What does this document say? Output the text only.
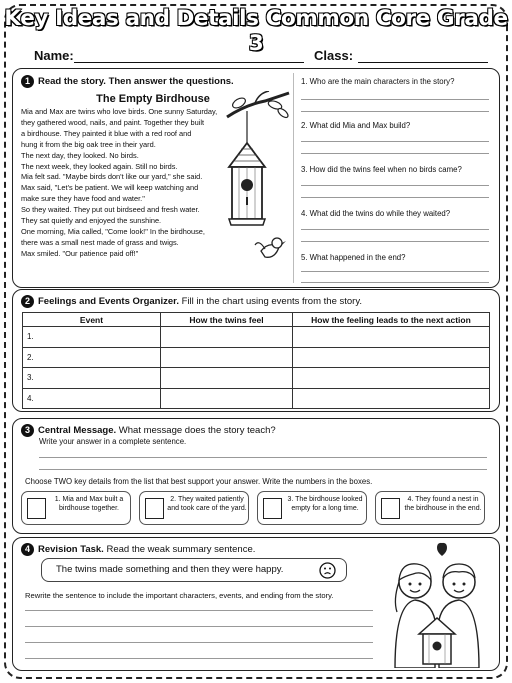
Key Ideas and Details Common Core Grade 3
Name:	Class:
1 Read the story. Then answer the questions.
The Empty Birdhouse

Mia and Max are twins who love birds. One sunny Saturday,

they gathered wood, nails, and paint. Together they built

a birdhouse. They painted it blue with a red roof and

hung it from the big oak tree in their yard.

The next day, they looked. No birds.

The next week, they looked again. Still no birds.

Mia felt sad. "Maybe birds don't like our yard," she said.

Max said, "Let's be patient. We will keep watching and

make sure they have food and water."

So they waited. They put out birdseed and fresh water.

They sat quietly and enjoyed the sunshine.

One morning, Mia called, "Come look!" In the birdhouse,

there was a small nest made of grass and twigs.

Max smiled. "Our patience paid off!"

1. Who are the main characters in the story?
2. What did Mia and Max build?
3. How did the twins feel when no birds came?
4. What did the twins do while they waited?
5. What happened in the end?
2 Feelings and Events Organizer. Fill in the chart using events from the story.
Event	How the twins feel	How the feeling leads to the next action
1.		
2.		
3.		
4.		
3 Central Message. What message does the story teach?
Write your answer in a complete sentence.
Choose TWO key details from the list that best support your answer. Write the numbers in the boxes.
1. Mia and Max built a birdhouse together.
2. They waited patiently and took care of the yard.
3. The birdhouse looked empty for a long time.
4. They found a nest in the birdhouse in the end.
4 Revision Task. Read the weak summary sentence.
The twins made something and then they were happy.
Rewrite the sentence to include the important characters, events, and ending from the story.
